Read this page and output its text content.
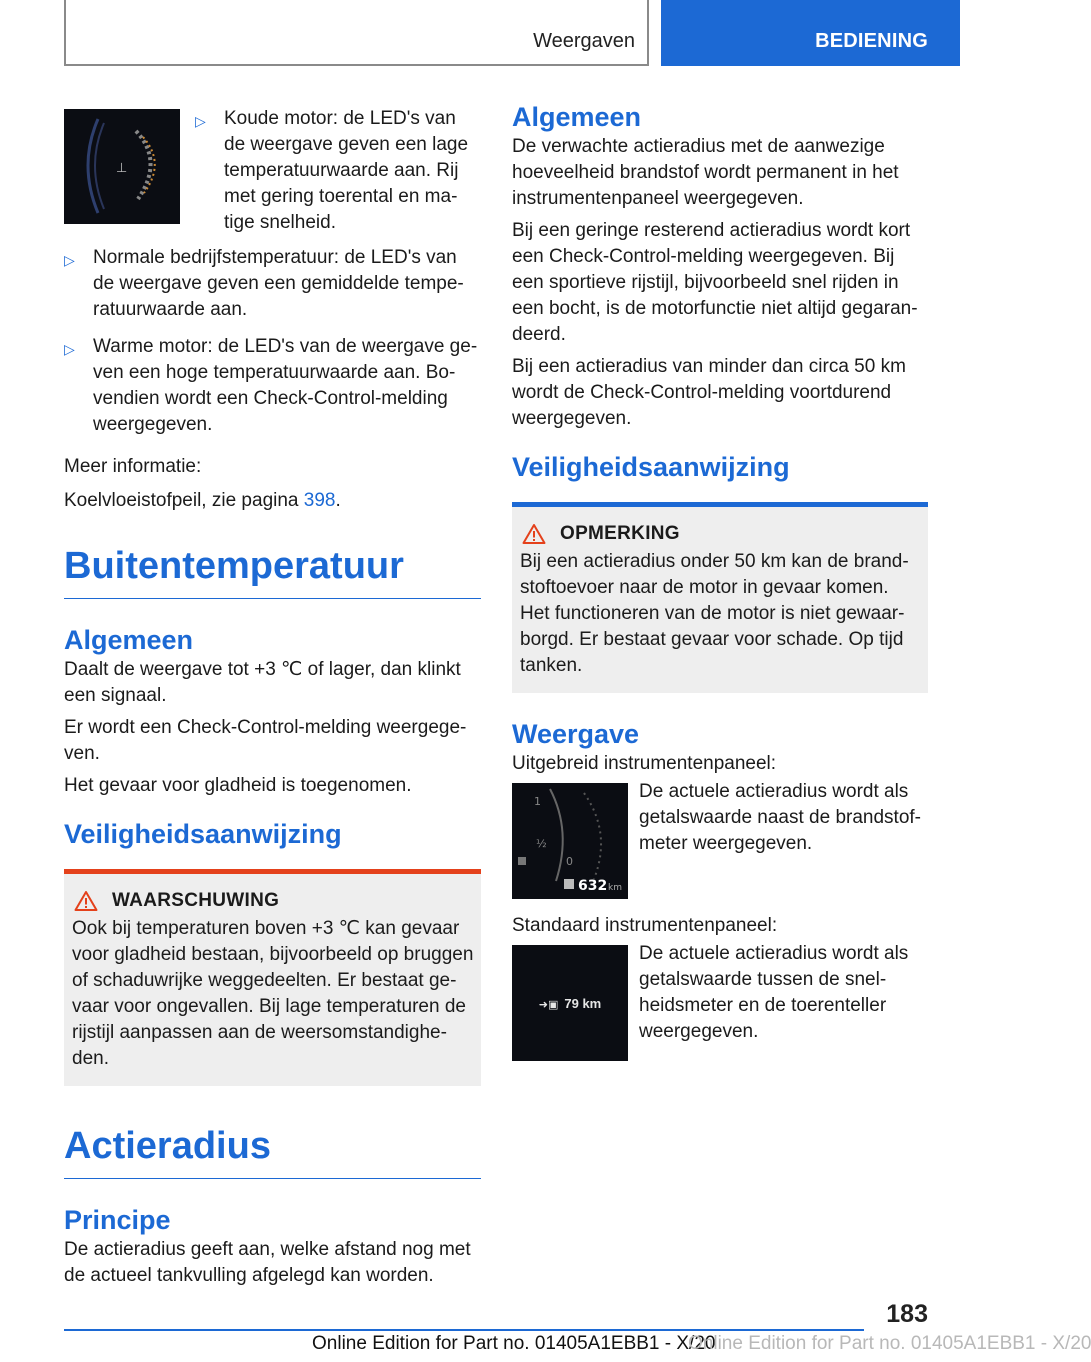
Weergaven	BEDIENING
⊥
▷ Koude motor: de LED's van de weergave geven een lage temperatuurwaarde aan. Rij met gering toerental en ma-tige snelheid.
▷ Normale bedrijfstemperatuur: de LED's van de weergave geven een gemiddelde tempe-ratuurwaarde aan.
▷ Warme motor: de LED's van de weergave ge-ven een hoge temperatuurwaarde aan. Bo-vendien wordt een Check-Control-melding weergegeven.

Meer informatie:

Koelvloeistofpeil, zie pagina 398.

Buitentemperatuur
Algemeen

Daalt de weergave tot +3 ℃ of lager, dan klinkt een signaal.

Er wordt een Check-Control-melding weergege-ven.

Het gevaar voor gladheid is toegenomen.

Veiligheidsaanwijzing
WAARSCHUWING
Ook bij temperaturen boven +3 ℃ kan gevaar voor gladheid bestaan, bijvoorbeeld op bruggen of schaduwrijke weggedeelten. Er bestaat ge-vaar voor ongevallen. Bij lage temperaturen de rijstijl aanpassen aan de weersomstandighe-den.
Actieradius
Principe

De actieradius geeft aan, welke afstand nog met de actueel tankvulling afgelegd kan worden.

Algemeen

De verwachte actieradius met de aanwezige hoeveelheid brandstof wordt permanent in het instrumentenpaneel weergegeven.

Bij een geringe resterend actieradius wordt kort een Check-Control-melding weergegeven. Bij een sportieve rijstijl, bijvoorbeeld snel rijden in een bocht, is de motorfunctie niet altijd gegaran-deerd.

Bij een actieradius van minder dan circa 50 km wordt de Check-Control-melding voortdurend weergegeven.

Veiligheidsaanwijzing
OPMERKING
Bij een actieradius onder 50 km kan de brand-stoftoevoer naar de motor in gevaar komen. Het functioneren van de motor is niet gewaar-borgd. Er bestaat gevaar voor schade. Op tijd tanken.
Weergave

Uitgebreid instrumentenpaneel:

1
½
0
632 km

De actuele actieradius wordt als getalswaarde naast de brandstof-meter weergegeven.

Standaard instrumentenpaneel:

➜▣ 79 km

De actuele actieradius wordt als getalswaarde tussen de snel-heidsmeter en de toerenteller weergegeven.

183
Online Edition for Part no. 01405A1EBB1 - X/20
Online Edition for Part no. 01405A1EBB1 - X/20
